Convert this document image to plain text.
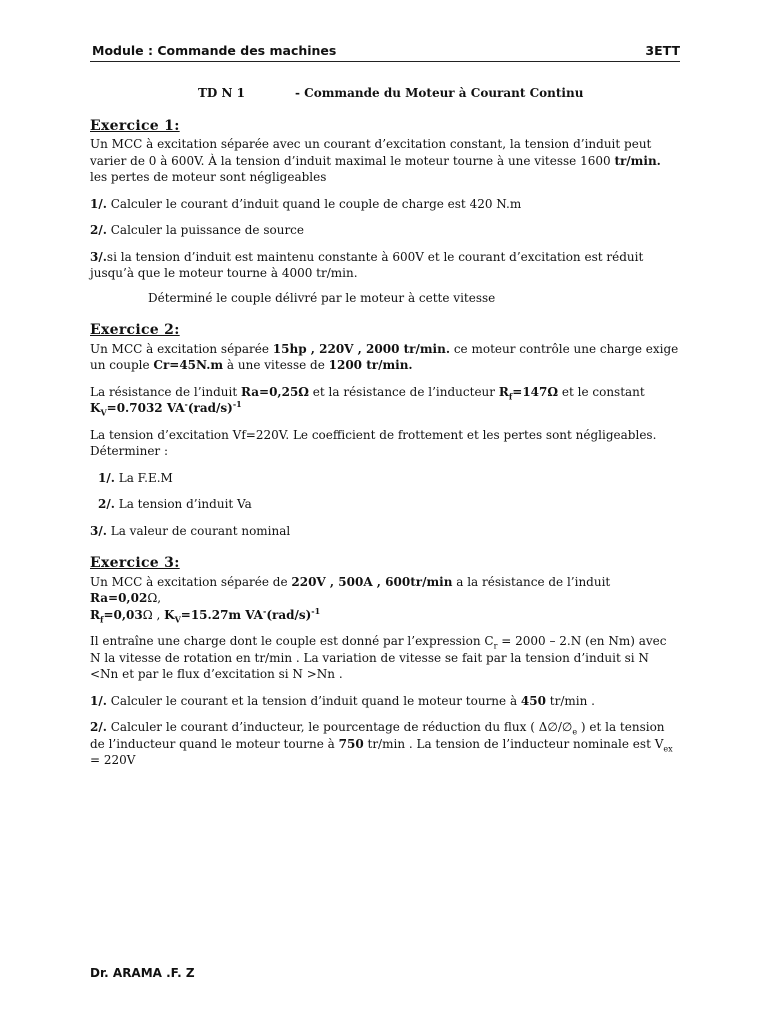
Module : Commande des machines	3ETT
TD N 1	- Commande du Moteur à Courant Continu
Exercice 1:

Un MCC à excitation séparée avec un courant d’excitation constant, la tension d’induit peut varier de 0 à 600V. À la tension d’induit maximal le moteur tourne à une vitesse 1600 tr/min. les pertes de moteur sont négligeables

1/. Calculer le courant d’induit quand le couple de charge est 420 N.m

2/. Calculer la puissance de source

3/.si la tension d’induit est maintenu constante à 600V et le courant d’excitation est réduit jusqu’à que le moteur tourne à 4000 tr/min.

Déterminé le couple délivré par le moteur à cette vitesse

Exercice 2:

Un MCC à excitation séparée 15hp , 220V , 2000 tr/min. ce moteur contrôle une charge exige un couple Cr=45N.m à une vitesse de 1200 tr/min.

La résistance de l’induit Ra=0,25Ω et la résistance de l’inducteur $R_f=147\Omega$ et le constant
$K_V=0.7032$ $VA^-(rad/s)^{-1}$

La tension d’excitation Vf=220V. Le coefficient de frottement et les pertes sont négligeables. Déterminer :

1/. La F.E.M

2/. La tension d’induit Va

3/. La valeur de courant nominal

Exercice 3:

Un MCC à excitation séparée de 220V , 500A , 600tr/min a la résistance de l’induit Ra=0,02Ω,
$R_f=0,03\Omega$ , $K_V=15.27m$ $VA^-(rad/s)^{-1}$

Il entraîne une charge dont le couple est donné par l’expression $C_r = 2000 - 2.N$ (en Nm) avec N la vitesse de rotation en tr/min . La variation de vitesse se fait par la tension d’induit si N <Nn et par le flux d’excitation si N >Nn .

1/. Calculer le courant et la tension d’induit quand le moteur tourne à 450 tr/min .

2/. Calculer le courant d’inducteur, le pourcentage de réduction du flux ( $\Delta\emptyset/\emptyset_e$ ) et la tension de l’inducteur quand le moteur tourne à 750 tr/min . La tension de l’inducteur nominale est $V_{ex} = 220V$

Dr. ARAMA .F. Z
